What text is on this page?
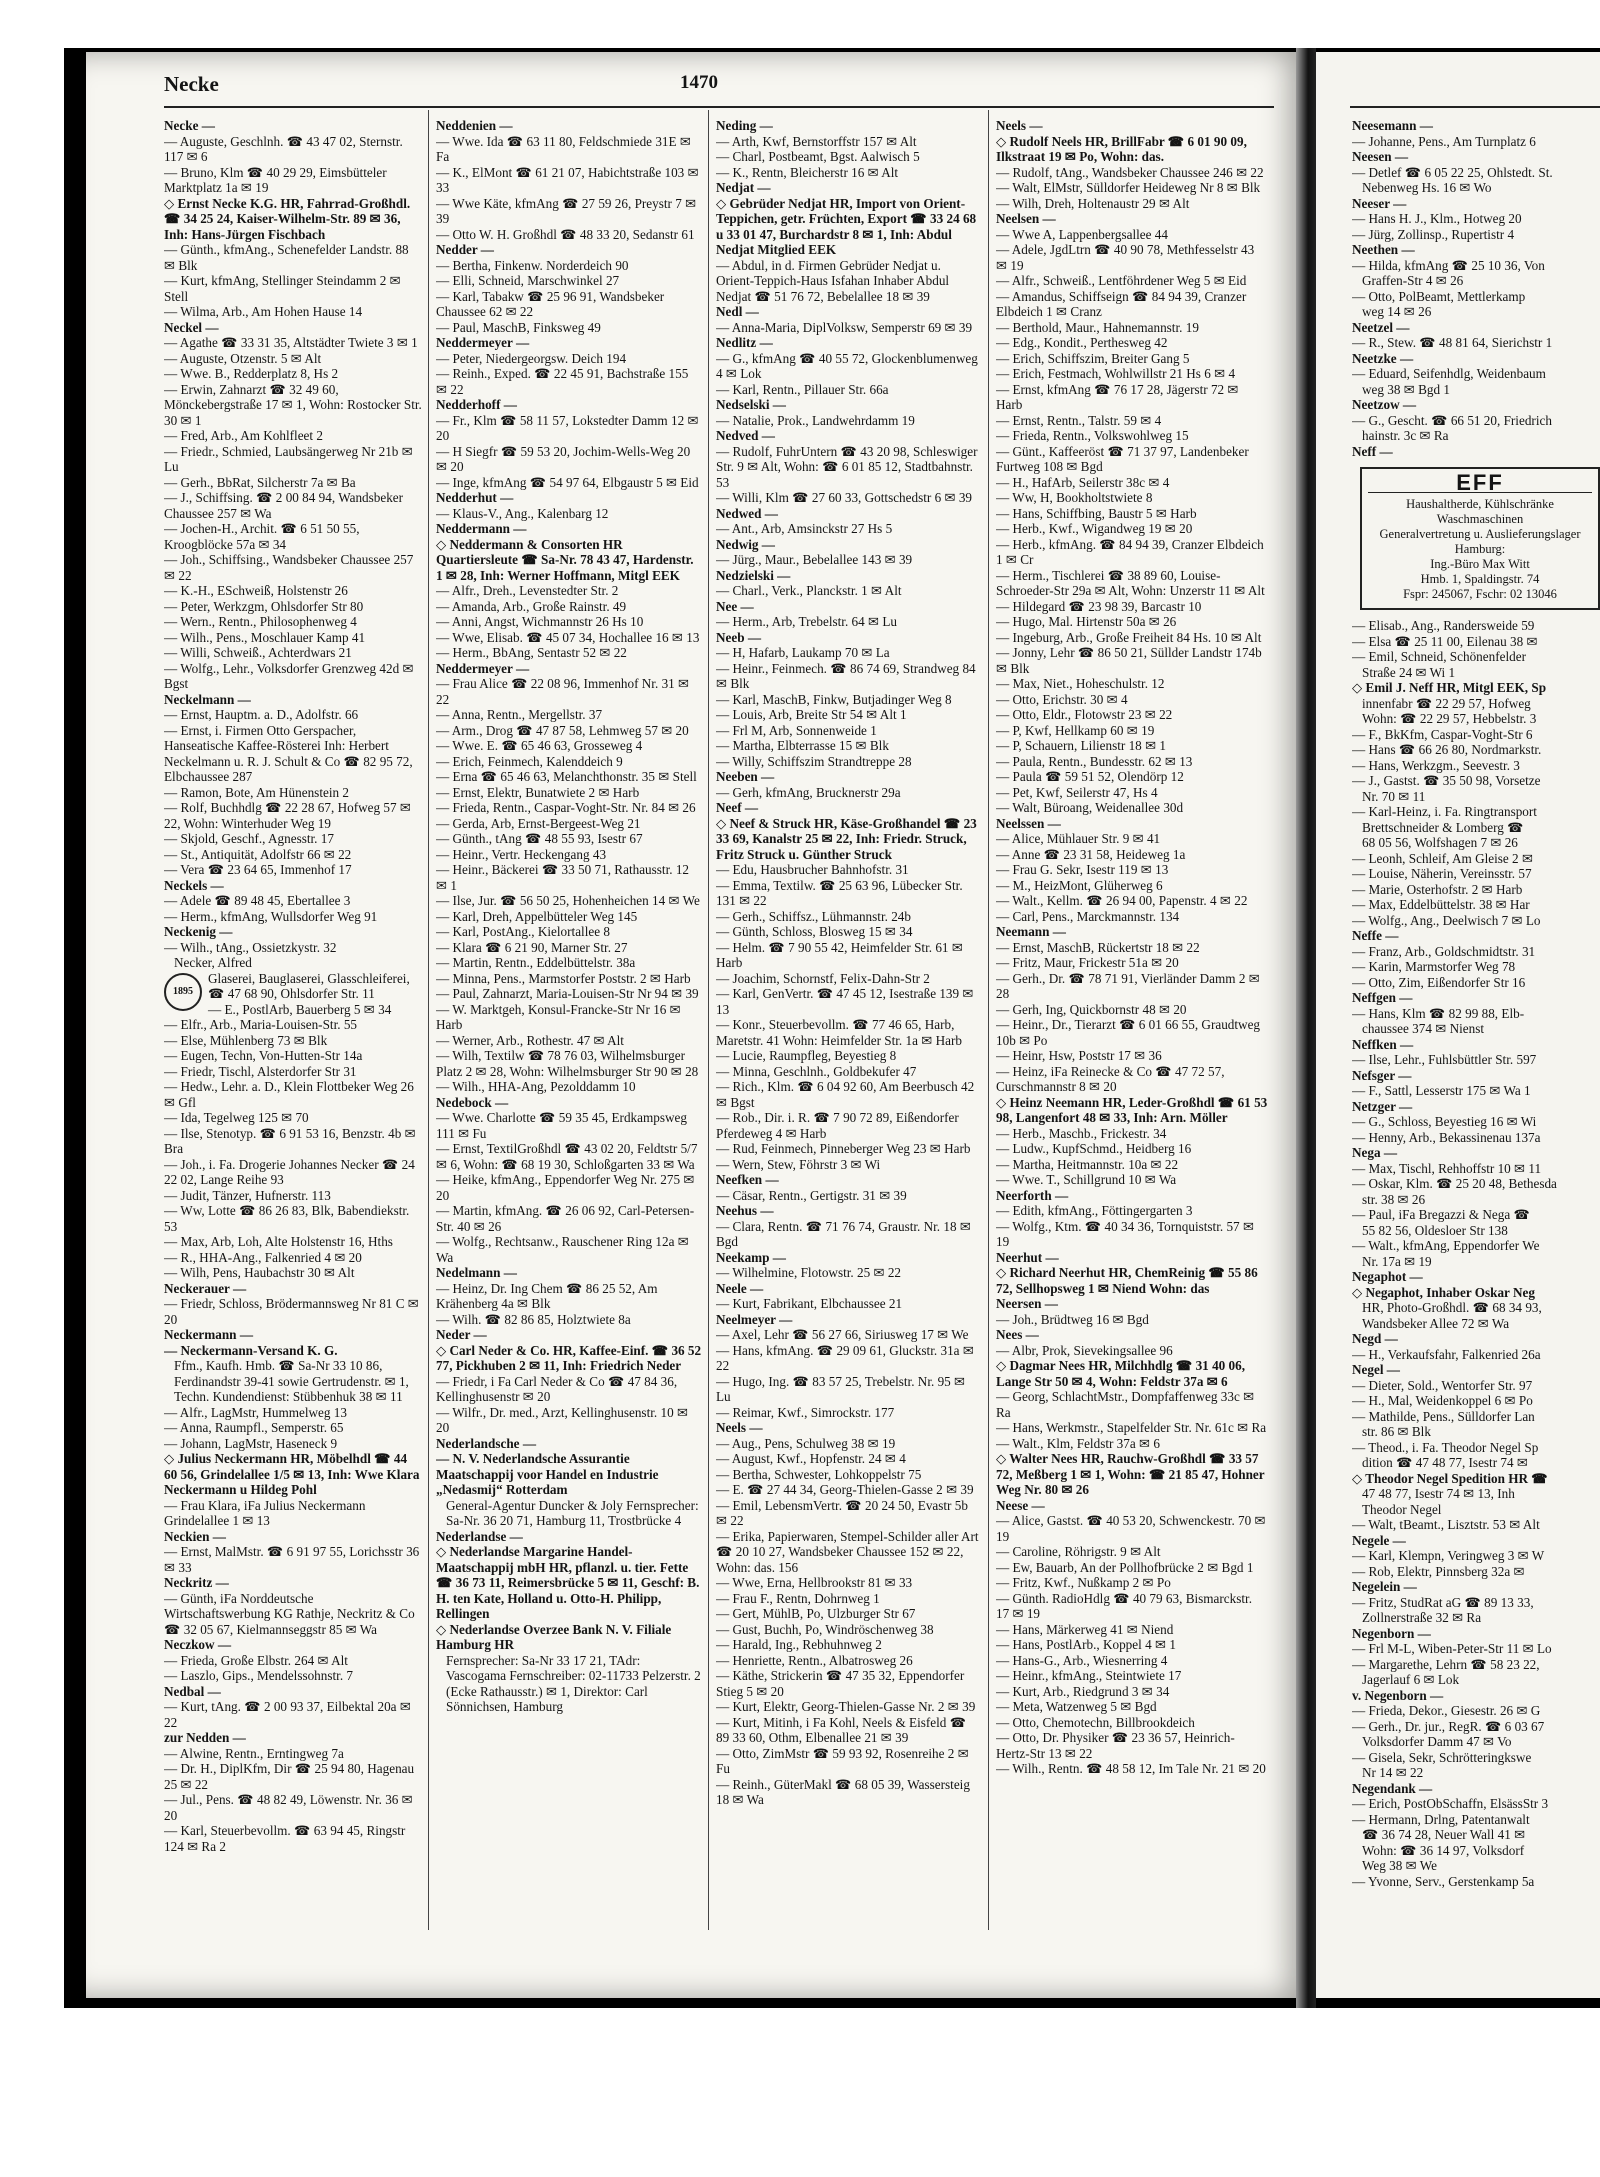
Necke	1470
Necke —
— Auguste, Geschlnh. ☎ 43 47 02, Sternstr. 117 ✉ 6
— Bruno, Klm ☎ 40 29 29, Eimsbütteler Marktplatz 1a ✉ 19
◇ Ernst Necke K.G. HR, Fahrrad-Großhdl. ☎ 34 25 24, Kaiser-Wilhelm-Str. 89 ✉ 36, Inh: Hans-Jürgen Fischbach
— Günth., kfmAng., Schenefelder Landstr. 88 ✉ Blk
— Kurt, kfmAng, Stellinger Steindamm 2 ✉ Stell
— Wilma, Arb., Am Hohen Hause 14
Neckel —
— Agathe ☎ 33 31 35, Altstädter Twiete 3 ✉ 1
— Auguste, Otzenstr. 5 ✉ Alt
— Wwe. B., Redderplatz 8, Hs 2
— Erwin, Zahnarzt ☎ 32 49 60, Mönckebergstraße 17 ✉ 1, Wohn: Rostocker Str. 30 ✉ 1
— Fred, Arb., Am Kohlfleet 2
— Friedr., Schmied, Laubsängerweg Nr 21b ✉ Lu
— Gerh., BbRat, Silcherstr 7a ✉ Ba
— J., Schiffsing. ☎ 2 00 84 94, Wandsbeker Chaussee 257 ✉ Wa
— Jochen-H., Archit. ☎ 6 51 50 55, Kroogblöcke 57a ✉ 34
— Joh., Schiffsing., Wandsbeker Chaussee 257 ✉ 22
— K.-H., ESchweiß, Holstenstr 26
— Peter, Werkzgm, Ohlsdorfer Str 80
— Wern., Rentn., Philosophenweg 4
— Wilh., Pens., Moschlauer Kamp 41
— Willi, Schweiß., Achterdwars 21
— Wolfg., Lehr., Volksdorfer Grenzweg 42d ✉ Bgst
Neckelmann —
— Ernst, Hauptm. a. D., Adolfstr. 66
— Ernst, i. Firmen Otto Gerspacher, Hanseatische Kaffee-Rösterei Inh: Herbert Neckelmann u. R. J. Schult & Co ☎ 82 95 72, Elbchaussee 287
— Ramon, Bote, Am Hünenstein 2
— Rolf, Buchhdlg ☎ 22 28 67, Hofweg 57 ✉ 22, Wohn: Winterhuder Weg 19
— Skjold, Geschf., Agnesstr. 17
— St., Antiquität, Adolfstr 66 ✉ 22
— Vera ☎ 23 64 65, Immenhof 17
Neckels —
— Adele ☎ 89 48 45, Ebertallee 3
— Herm., kfmAng, Wullsdorfer Weg 91
Neckenig —
— Wilh., tAng., Ossietzkystr. 32
Necker, Alfred
1895
Glaserei, Bauglaserei, Glasschleiferei, ☎ 47 68 90, Ohlsdorfer Str. 11
— E., PostlArb, Bauerberg 5 ✉ 34
— Elfr., Arb., Maria-Louisen-Str. 55
— Else, Mühlenberg 73 ✉ Blk
— Eugen, Techn, Von-Hutten-Str 14a
— Friedr, Tischl, Alsterdorfer Str 31
— Hedw., Lehr. a. D., Klein Flottbeker Weg 26 ✉ Gfl
— Ida, Tegelweg 125 ✉ 70
— Ilse, Stenotyp. ☎ 6 91 53 16, Benzstr. 4b ✉ Bra
— Joh., i. Fa. Drogerie Johannes Necker ☎ 24 22 02, Lange Reihe 93
— Judit, Tänzer, Hufnerstr. 113
— Ww, Lotte ☎ 86 26 83, Blk, Babendiekstr. 53
— Max, Arb, Loh, Alte Holstenstr 16, Hths
— R., HHA-Ang., Falkenried 4 ✉ 20
— Wilh, Pens, Haubachstr 30 ✉ Alt
Neckerauer —
— Friedr, Schloss, Brödermannsweg Nr 81 C ✉ 20
Neckermann —
— Neckermann-Versand K. G.
Ffm., Kaufh. Hmb. ☎ Sa-Nr 33 10 86, Ferdinandstr 39-41 sowie Gertrudenstr. ✉ 1, Techn. Kundendienst: Stübbenhuk 38 ✉ 11
— Alfr., LagMstr, Hummelweg 13
— Anna, Raumpfl., Semperstr. 65
— Johann, LagMstr, Haseneck 9
◇ Julius Neckermann HR, Möbelhdl ☎ 44 60 56, Grindelallee 1/5 ✉ 13, Inh: Wwe Klara Neckermann u Hildeg Pohl
— Frau Klara, iFa Julius Neckermann Grindelallee 1 ✉ 13
Neckien —
— Ernst, MalMstr. ☎ 6 91 97 55, Lorichsstr 36 ✉ 33
Neckritz —
— Günth, iFa Norddeutsche Wirtschaftswerbung KG Rathje, Neckritz & Co ☎ 32 05 67, Kielmannseggstr 85 ✉ Wa
Neczkow —
— Frieda, Große Elbstr. 264 ✉ Alt
— Laszlo, Gips., Mendelssohnstr. 7
Nedbal —
— Kurt, tAng. ☎ 2 00 93 37, Eilbektal 20a ✉ 22
zur Nedden —
— Alwine, Rentn., Erntingweg 7a
— Dr. H., DiplKfm, Dir ☎ 25 94 80, Hagenau 25 ✉ 22
— Jul., Pens. ☎ 48 82 49, Löwenstr. Nr. 36 ✉ 20
— Karl, Steuerbevollm. ☎ 63 94 45, Ringstr 124 ✉ Ra 2
Neddenien —
— Wwe. Ida ☎ 63 11 80, Feldschmiede 31E ✉ Fa
— K., ElMont ☎ 61 21 07, Habichtstraße 103 ✉ 33
— Wwe Käte, kfmAng ☎ 27 59 26, Preystr 7 ✉ 39
— Otto W. H. Großhdl ☎ 48 33 20, Sedanstr 61
Nedder —
— Bertha, Finkenw. Norderdeich 90
— Elli, Schneid, Marschwinkel 27
— Karl, Tabakw ☎ 25 96 91, Wandsbeker Chaussee 62 ✉ 22
— Paul, MaschB, Finksweg 49
Neddermeyer —
— Peter, Niedergeorgsw. Deich 194
— Reinh., Exped. ☎ 22 45 91, Bachstraße 155 ✉ 22
Nedderhoff —
— Fr., Klm ☎ 58 11 57, Lokstedter Damm 12 ✉ 20
— H Siegfr ☎ 59 53 20, Jochim-Wells-Weg 20 ✉ 20
— Inge, kfmAng ☎ 54 97 64, Elbgaustr 5 ✉ Eid
Nedderhut —
— Klaus-V., Ang., Kalenbarg 12
Neddermann —
◇ Neddermann & Consorten HR Quartiersleute ☎ Sa-Nr. 78 43 47, Hardenstr. 1 ✉ 28, Inh: Werner Hoffmann, Mitgl EEK
— Alfr., Dreh., Levenstedter Str. 2
— Amanda, Arb., Große Rainstr. 49
— Anni, Angst, Wichmannstr 26 Hs 10
— Wwe, Elisab. ☎ 45 07 34, Hochallee 16 ✉ 13
— Herm., BbAng, Sentastr 52 ✉ 22
Neddermeyer —
— Frau Alice ☎ 22 08 96, Immenhof Nr. 31 ✉ 22
— Anna, Rentn., Mergellstr. 37
— Arm., Drog ☎ 47 87 58, Lehmweg 57 ✉ 20
— Wwe. E. ☎ 65 46 63, Grosseweg 4
— Erich, Feinmech, Kalenddeich 9
— Erna ☎ 65 46 63, Melanchthonstr. 35 ✉ Stell
— Ernst, Elektr, Bunatwiete 2 ✉ Harb
— Frieda, Rentn., Caspar-Voght-Str. Nr. 84 ✉ 26
— Gerda, Arb, Ernst-Bergeest-Weg 21
— Günth., tAng ☎ 48 55 93, Isestr 67
— Heinr., Vertr. Heckengang 43
— Heinr., Bäckerei ☎ 33 50 71, Rathausstr. 12 ✉ 1
— Ilse, Jur. ☎ 56 50 25, Hohenheichen 14 ✉ We
— Karl, Dreh, Appelbütteler Weg 145
— Karl, PostAng., Kielortallee 8
— Klara ☎ 6 21 90, Marner Str. 27
— Martin, Rentn., Eddelbüttelstr. 38a
— Minna, Pens., Marmstorfer Poststr. 2 ✉ Harb
— Paul, Zahnarzt, Maria-Louisen-Str Nr 94 ✉ 39
— W. Marktgeh, Konsul-Francke-Str Nr 16 ✉ Harb
— Werner, Arb., Rothestr. 47 ✉ Alt
— Wilh, Textilw ☎ 78 76 03, Wilhelmsburger Platz 2 ✉ 28, Wohn: Wilhelmsburger Str 90 ✉ 28
— Wilh., HHA-Ang, Pezolddamm 10
Nedebock —
— Wwe. Charlotte ☎ 59 35 45, Erdkampsweg 111 ✉ Fu
— Ernst, TextilGroßhdl ☎ 43 02 20, Feldtstr 5/7 ✉ 6, Wohn: ☎ 68 19 30, Schloßgarten 33 ✉ Wa
— Heike, kfmAng., Eppendorfer Weg Nr. 275 ✉ 20
— Martin, kfmAng. ☎ 26 06 92, Carl-Petersen-Str. 40 ✉ 26
— Wolfg., Rechtsanw., Rauschener Ring 12a ✉ Wa
Nedelmann —
— Heinz, Dr. Ing Chem ☎ 86 25 52, Am Krähenberg 4a ✉ Blk
— Wilh. ☎ 82 86 85, Holztwiete 8a
Neder —
◇ Carl Neder & Co. HR, Kaffee-Einf. ☎ 36 52 77, Pickhuben 2 ✉ 11, Inh: Friedrich Neder
— Friedr, i Fa Carl Neder & Co ☎ 47 84 36, Kellinghusenstr ✉ 20
— Wilfr., Dr. med., Arzt, Kellinghusenstr. 10 ✉ 20
Nederlandsche —
— N. V. Nederlandsche Assurantie Maatschappij voor Handel en Industrie „Nedasmij“ Rotterdam
General-Agentur Duncker & Joly Fernsprecher: Sa-Nr. 36 20 71, Hamburg 11, Trostbrücke 4
Nederlandse —
◇ Nederlandse Margarine Handel-Maatschappij mbH HR, pflanzl. u. tier. Fette ☎ 36 73 11, Reimersbrücke 5 ✉ 11, Geschf: B. H. ten Kate, Holland u. Otto-H. Philipp, Rellingen
◇ Nederlandse Overzee Bank N. V. Filiale Hamburg HR
Fernsprecher: Sa-Nr 33 17 21, TAdr: Vascogama Fernschreiber: 02-11733 Pelzerstr. 2 (Ecke Rathausstr.) ✉ 1, Direktor: Carl Sönnichsen, Hamburg
Neding —
— Arth, Kwf, Bernstorffstr 157 ✉ Alt
— Charl, Postbeamt, Bgst. Aalwisch 5
— K., Rentn, Bleicherstr 16 ✉ Alt
Nedjat —
◇ Gebrüder Nedjat HR, Import von Orient-Teppichen, getr. Früchten, Export ☎ 33 24 68 u 33 01 47, Burchardstr 8 ✉ 1, Inh: Abdul Nedjat Mitglied EEK
— Abdul, in d. Firmen Gebrüder Nedjat u. Orient-Teppich-Haus Isfahan Inhaber Abdul Nedjat ☎ 51 76 72, Bebelallee 18 ✉ 39
Nedl —
— Anna-Maria, DiplVolksw, Semperstr 69 ✉ 39
Nedlitz —
— G., kfmAng ☎ 40 55 72, Glockenblumenweg 4 ✉ Lok
— Karl, Rentn., Pillauer Str. 66a
Nedselski —
— Natalie, Prok., Landwehrdamm 19
Nedved —
— Rudolf, FuhrUntern ☎ 43 20 98, Schleswiger Str. 9 ✉ Alt, Wohn: ☎ 6 01 85 12, Stadtbahnstr. 53
— Willi, Klm ☎ 27 60 33, Gottschedstr 6 ✉ 39
Nedwed —
— Ant., Arb, Amsinckstr 27 Hs 5
Nedwig —
— Jürg., Maur., Bebelallee 143 ✉ 39
Nedzielski —
— Charl., Verk., Planckstr. 1 ✉ Alt
Nee —
— Herm., Arb, Trebelstr. 64 ✉ Lu
Neeb —
— H, Hafarb, Laukamp 70 ✉ La
— Heinr., Feinmech. ☎ 86 74 69, Strandweg 84 ✉ Blk
— Karl, MaschB, Finkw, Butjadinger Weg 8
— Louis, Arb, Breite Str 54 ✉ Alt 1
— Frl M, Arb, Sonnenweide 1
— Martha, Elbterrasse 15 ✉ Blk
— Willy, Schiffszim Strandtreppe 28
Neeben —
— Gerh, kfmAng, Brucknerstr 29a
Neef —
◇ Neef & Struck HR, Käse-Großhandel ☎ 23 33 69, Kanalstr 25 ✉ 22, Inh: Friedr. Struck, Fritz Struck u. Günther Struck
— Edu, Hausbrucher Bahnhofstr. 31
— Emma, Textilw. ☎ 25 63 96, Lübecker Str. 131 ✉ 22
— Gerh., Schiffsz., Lühmannstr. 24b
— Günth, Schloss, Blosweg 15 ✉ 34
— Helm. ☎ 7 90 55 42, Heimfelder Str. 61 ✉ Harb
— Joachim, Schornstf, Felix-Dahn-Str 2
— Karl, GenVertr. ☎ 47 45 12, Isestraße 139 ✉ 13
— Konr., Steuerbevollm. ☎ 77 46 65, Harb, Maretstr. 41 Wohn: Heimfelder Str. 1a ✉ Harb
— Lucie, Raumpfleg, Beyestieg 8
— Minna, Geschlnh., Goldbekufer 47
— Rich., Klm. ☎ 6 04 92 60, Am Beerbusch 42 ✉ Bgst
— Rob., Dir. i. R. ☎ 7 90 72 89, Eißendorfer Pferdeweg 4 ✉ Harb
— Rud, Feinmech, Pinneberger Weg 23 ✉ Harb
— Wern, Stew, Föhrstr 3 ✉ Wi
Neefken —
— Cäsar, Rentn., Gertigstr. 31 ✉ 39
Neehus —
— Clara, Rentn. ☎ 71 76 74, Graustr. Nr. 18 ✉ Bgd
Neekamp —
— Wilhelmine, Flotowstr. 25 ✉ 22
Neele —
— Kurt, Fabrikant, Elbchaussee 21
Neelmeyer —
— Axel, Lehr ☎ 56 27 66, Siriusweg 17 ✉ We
— Hans, kfmAng. ☎ 29 09 61, Gluckstr. 31a ✉ 22
— Hugo, Ing. ☎ 83 57 25, Trebelstr. Nr. 95 ✉ Lu
— Reimar, Kwf., Simrockstr. 177
Neels —
— Aug., Pens, Schulweg 38 ✉ 19
— August, Kwf., Hopfenstr. 24 ✉ 4
— Bertha, Schwester, Lohkoppelstr 75
— E. ☎ 27 44 34, Georg-Thielen-Gasse 2 ✉ 39
— Emil, LebensmVertr. ☎ 20 24 50, Evastr 5b ✉ 22
— Erika, Papierwaren, Stempel-Schilder aller Art ☎ 20 10 27, Wandsbeker Chaussee 152 ✉ 22, Wohn: das. 156
— Wwe, Erna, Hellbrookstr 81 ✉ 33
— Frau F., Rentn, Dohrnweg 1
— Gert, MühlB, Po, Ulzburger Str 67
— Gust, Buchh, Po, Windröschenweg 38
— Harald, Ing., Rebhuhnweg 2
— Henriette, Rentn., Albatrosweg 26
— Käthe, Strickerin ☎ 47 35 32, Eppendorfer Stieg 5 ✉ 20
— Kurt, Elektr, Georg-Thielen-Gasse Nr. 2 ✉ 39
— Kurt, Mitinh, i Fa Kohl, Neels & Eisfeld ☎ 89 33 60, Othm, Elbenallee 21 ✉ 39
— Otto, ZimMstr ☎ 59 93 92, Rosenreihe 2 ✉ Fu
— Reinh., GüterMakl ☎ 68 05 39, Wassersteig 18 ✉ Wa
Neels —
◇ Rudolf Neels HR, BrillFabr ☎ 6 01 90 09, Ilkstraat 19 ✉ Po, Wohn: das.
— Rudolf, tAng., Wandsbeker Chaussee 246 ✉ 22
— Walt, ElMstr, Sülldorfer Heideweg Nr 8 ✉ Blk
— Wilh, Dreh, Holtenaustr 29 ✉ Alt
Neelsen —
— Wwe A, Lappenbergsallee 44
— Adele, JgdLtrn ☎ 40 90 78, Methfesselstr 43 ✉ 19
— Alfr., Schweiß., Lentföhrdener Weg 5 ✉ Eid
— Amandus, Schiffseign ☎ 84 94 39, Cranzer Elbdeich 1 ✉ Cranz
— Berthold, Maur., Hahnemannstr. 19
— Edg., Kondit., Perthesweg 42
— Erich, Schiffszim, Breiter Gang 5
— Erich, Festmach, Wohlwillstr 21 Hs 6 ✉ 4
— Ernst, kfmAng ☎ 76 17 28, Jägerstr 72 ✉ Harb
— Ernst, Rentn., Talstr. 59 ✉ 4
— Frieda, Rentn., Volkswohlweg 15
— Günt., Kaffeeröst ☎ 71 37 97, Landenbeker Furtweg 108 ✉ Bgd
— H., HafArb, Seilerstr 38c ✉ 4
— Ww, H, Bookholtstwiete 8
— Hans, Schiffbing, Baustr 5 ✉ Harb
— Herb., Kwf., Wigandweg 19 ✉ 20
— Herb., kfmAng. ☎ 84 94 39, Cranzer Elbdeich 1 ✉ Cr
— Herm., Tischlerei ☎ 38 89 60, Louise-Schroeder-Str 29a ✉ Alt, Wohn: Unzerstr 11 ✉ Alt
— Hildegard ☎ 23 98 39, Barcastr 10
— Hugo, Mal. Hirtenstr 50a ✉ 26
— Ingeburg, Arb., Große Freiheit 84 Hs. 10 ✉ Alt
— Jonny, Lehr ☎ 86 50 21, Süllder Landstr 174b ✉ Blk
— Max, Niet., Hoheschulstr. 12
— Otto, Erichstr. 30 ✉ 4
— Otto, Eldr., Flotowstr 23 ✉ 22
— P, Kwf, Hellkamp 60 ✉ 19
— P, Schauern, Lilienstr 18 ✉ 1
— Paula, Rentn., Bundesstr. 62 ✉ 13
— Paula ☎ 59 51 52, Olendörp 12
— Pet, Kwf, Seilerstr 47, Hs 4
— Walt, Büroang, Weidenallee 30d
Neelssen —
— Alice, Mühlauer Str. 9 ✉ 41
— Anne ☎ 23 31 58, Heideweg 1a
— Frau G. Sekr, Isestr 119 ✉ 13
— M., HeizMont, Glüherweg 6
— Walt., Kellm. ☎ 26 94 00, Papenstr. 4 ✉ 22
— Carl, Pens., Marckmannstr. 134
Neemann —
— Ernst, MaschB, Rückertstr 18 ✉ 22
— Fritz, Maur, Frickestr 51a ✉ 20
— Gerh., Dr. ☎ 78 71 91, Vierländer Damm 2 ✉ 28
— Gerh, Ing, Quickbornstr 48 ✉ 20
— Heinr., Dr., Tierarzt ☎ 6 01 66 55, Graudtweg 10b ✉ Po
— Heinr, Hsw, Poststr 17 ✉ 36
— Heinz, iFa Reinecke & Co ☎ 47 72 57, Curschmannstr 8 ✉ 20
◇ Heinz Neemann HR, Leder-Großhdl ☎ 61 53 98, Langenfort 48 ✉ 33, Inh: Arn. Möller
— Herb., Maschb., Frickestr. 34
— Ludw., KupfSchmd., Heidberg 16
— Martha, Heitmannstr. 10a ✉ 22
— Wwe. T., Schillgrund 10 ✉ Wa
Neerforth —
— Edith, kfmAng., Föttingergarten 3
— Wolfg., Ktm. ☎ 40 34 36, Tornquiststr. 57 ✉ 19
Neerhut —
◇ Richard Neerhut HR, ChemReinig ☎ 55 86 72, Sellhopsweg 1 ✉ Niend Wohn: das
Neersen —
— Joh., Brüdtweg 16 ✉ Bgd
Nees —
— Albr, Prok, Sievekingsallee 96
◇ Dagmar Nees HR, Milchhdlg ☎ 31 40 06, Lange Str 50 ✉ 4, Wohn: Feldstr 37a ✉ 6
— Georg, SchlachtMstr., Dompfaffenweg 33c ✉ Ra
— Hans, Werkmstr., Stapelfelder Str. Nr. 61c ✉ Ra
— Walt., Klm, Feldstr 37a ✉ 6
◇ Walter Nees HR, Rauchw-Großhdl ☎ 33 57 72, Meßberg 1 ✉ 1, Wohn: ☎ 21 85 47, Hohner Weg Nr. 80 ✉ 26
Neese —
— Alice, Gastst. ☎ 40 53 20, Schwenckestr. 70 ✉ 19
— Caroline, Röhrigstr. 9 ✉ Alt
— Ew, Bauarb, An der Pollhofbrücke 2 ✉ Bgd 1
— Fritz, Kwf., Nußkamp 2 ✉ Po
— Günth. RadioHdlg ☎ 40 79 63, Bismarckstr. 17 ✉ 19
— Hans, Märkerweg 41 ✉ Niend
— Hans, PostlArb., Koppel 4 ✉ 1
— Hans-G., Arb., Wiesnerring 4
— Heinr., kfmAng., Steintwiete 17
— Kurt, Arb., Riedgrund 3 ✉ 34
— Meta, Watzenweg 5 ✉ Bgd
— Otto, Chemotechn, Billbrookdeich
— Otto, Dr. Physiker ☎ 23 36 57, Heinrich-Hertz-Str 13 ✉ 22
— Wilh., Rentn. ☎ 48 58 12, Im Tale Nr. 21 ✉ 20
Neesemann —
— Johanne, Pens., Am Turnplatz 6
Neesen —
— Detlef ☎ 6 05 22 25, Ohlstedt. St.
Nebenweg Hs. 16 ✉ Wo
Neeser —
— Hans H. J., Klm., Hotweg 20
— Jürg, Zollinsp., Rupertistr 4
Neethen —
— Hilda, kfmAng ☎ 25 10 36, Von
Graffen-Str 4 ✉ 26
— Otto, PolBeamt, Mettlerkamp
weg 14 ✉ 26
Neetzel —
— R., Stew. ☎ 48 81 64, Sierichstr 1
Neetzke —
— Eduard, Seifenhdlg, Weidenbaum
weg 38 ✉ Bgd 1
Neetzow —
— G., Gescht. ☎ 66 51 20, Friedrich
hainstr. 3c ✉ Ra
Neff —
EFF
Haushaltherde, Kühlschränke
Waschmaschinen
Generalvertretung u. Auslieferungslager Hamburg:
Ing.-Büro Max Witt
Hmb. 1, Spaldingstr. 74
Fspr: 245067, Fschr: 02 13046
— Elisab., Ang., Randersweide 59
— Elsa ☎ 25 11 00, Eilenau 38 ✉
— Emil, Schneid, Schönenfelder
Straße 24 ✉ Wi 1
◇ Emil J. Neff HR, Mitgl EEK, Sp
innenfabr ☎ 22 29 57, Hofweg
Wohn: ☎ 22 29 57, Hebbelstr. 3
— F., BkKfm, Caspar-Voght-Str 6
— Hans ☎ 66 26 80, Nordmarkstr.
— Hans, Werkzgm., Seevestr. 3
— J., Gastst. ☎ 35 50 98, Vorsetze
Nr. 70 ✉ 11
— Karl-Heinz, i. Fa. Ringtransport
Brettschneider & Lomberg ☎
68 05 56, Wolfshagen 7 ✉ 26
— Leonh, Schleif, Am Gleise 2 ✉
— Louise, Näherin, Vereinsstr. 57
— Marie, Osterhofstr. 2 ✉ Harb
— Max, Eddelbüttelstr. 38 ✉ Har
— Wolfg., Ang., Deelwisch 7 ✉ Lo
Neffe —
— Franz, Arb., Goldschmidtstr. 31
— Karin, Marmstorfer Weg 78
— Otto, Zim, Eißendorfer Str 16
Neffgen —
— Hans, Klm ☎ 82 99 88, Elb-
chaussee 374 ✉ Nienst
Neffken —
— Ilse, Lehr., Fuhlsbüttler Str. 597
Nefsger —
— F., Sattl, Lesserstr 175 ✉ Wa 1
Netzger —
— G., Schloss, Beyestieg 16 ✉ Wi
— Henny, Arb., Bekassinenau 137a
Nega —
— Max, Tischl, Rehhoffstr 10 ✉ 11
— Oskar, Klm. ☎ 25 20 48, Bethesda
str. 38 ✉ 26
— Paul, iFa Bregazzi & Nega ☎
55 82 56, Oldesloer Str 138
— Walt., kfmAng, Eppendorfer We
Nr. 17a ✉ 19
Negaphot —
◇ Negaphot, Inhaber Oskar Neg
HR, Photo-Großhdl. ☎ 68 34 93,
Wandsbeker Allee 72 ✉ Wa
Negd —
— H., Verkaufsfahr, Falkenried 26a
Negel —
— Dieter, Sold., Wentorfer Str. 97
— H., Mal, Weidenkoppel 6 ✉ Po
— Mathilde, Pens., Sülldorfer Lan
str. 86 ✉ Blk
— Theod., i. Fa. Theodor Negel Sp
dition ☎ 47 48 77, Isestr 74 ✉
◇ Theodor Negel Spedition HR ☎
47 48 77, Isestr 74 ✉ 13, Inh
Theodor Negel
— Walt, tBeamt., Lisztstr. 53 ✉ Alt
Negele —
— Karl, Klempn, Veringweg 3 ✉ W
— Rob, Elektr, Pinnsberg 32a ✉
Negelein —
— Fritz, StudRat aG ☎ 89 13 33,
Zollnerstraße 32 ✉ Ra
Negenborn —
— Frl M-L, Wiben-Peter-Str 11 ✉ Lo
— Margarethe, Lehrn ☎ 58 23 22,
Jagerlauf 6 ✉ Lok
v. Negenborn —
— Frieda, Dekor., Giesestr. 26 ✉ G
— Gerh., Dr. jur., RegR. ☎ 6 03 67
Volksdorfer Damm 47 ✉ Vo
— Gisela, Sekr, Schrötteringkswe
Nr 14 ✉ 22
Negendank —
— Erich, PostObSchaffn, ElsässStr 3
— Hermann, Drlng, Patentanwalt
☎ 36 74 28, Neuer Wall 41 ✉
Wohn: ☎ 36 14 97, Volksdorf
Weg 38 ✉ We
— Yvonne, Serv., Gerstenkamp 5a
